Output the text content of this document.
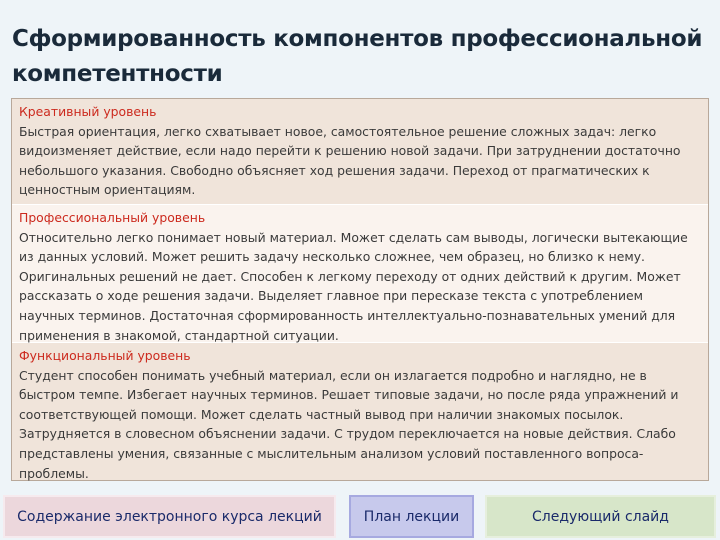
Сформированность компонентов профессиональной компетентности
Креативный уровень
Быстрая ориентация, легко схватывает новое, самостоятельное решение сложных задач: легко видоизменяет действие, если надо перейти к решению новой задачи. При затруднении достаточно небольшого указания. Свободно объясняет ход решения задачи. Переход от прагматических к ценностным ориентациям.
Профессиональный уровень
Относительно легко понимает новый материал. Может сделать сам выводы, логически вытекающие из данных условий. Может решить задачу несколько сложнее, чем образец, но близко к нему. Оригинальных решений не дает. Способен к легкому переходу от одних действий к другим. Может рассказать о ходе решения задачи. Выделяет главное при пересказе текста с употреблением научных терминов. Достаточная сформированность интеллектуально-познавательных умений для применения в знакомой, стандартной ситуации.
Функциональный уровень
Студент способен понимать учебный материал, если он излагается подробно и наглядно, не в быстром темпе. Избегает научных терминов. Решает типовые задачи, но после ряда упражнений и соответствующей помощи. Может сделать частный вывод при наличии знакомых посылок. Затрудняется в словесном объяснении задачи. С трудом переключается на новые действия. Слабо представлены умения, связанные с мыслительным анализом условий поставленного вопроса-проблемы.
Содержание электронного курса лекций	План лекции	Следующий слайд
